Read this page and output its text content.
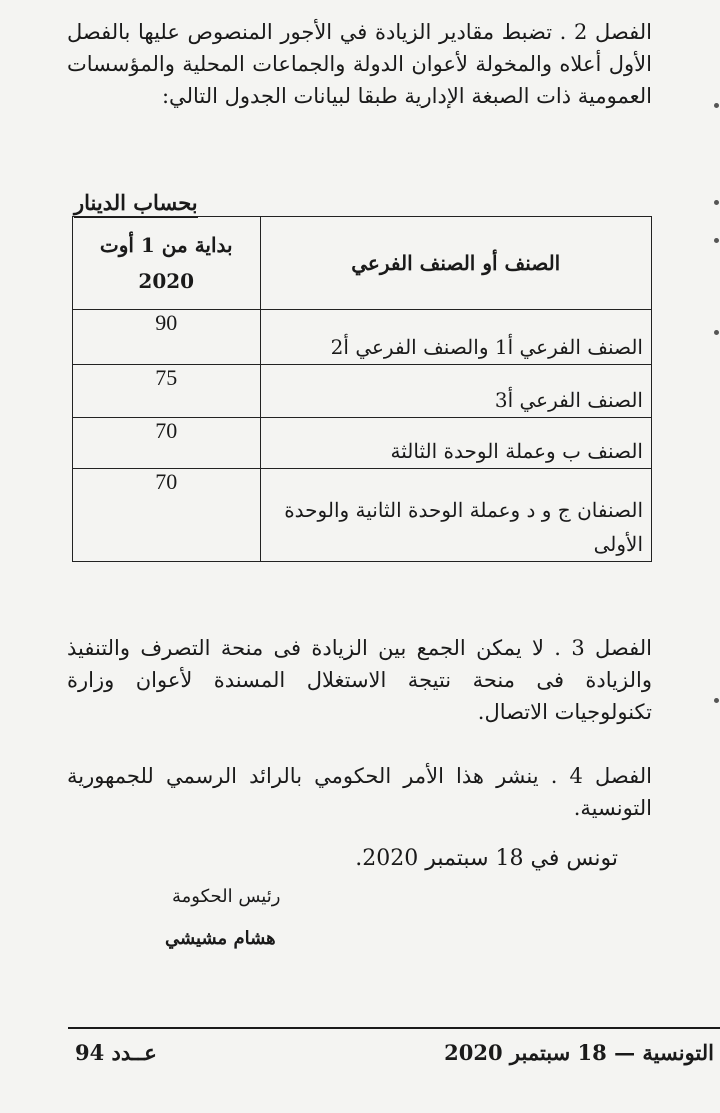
الفصل 2 . تضبط مقادير الزيادة في الأجور المنصوص عليها بالفصل الأول أعلاه والمخولة لأعوان الدولة والجماعات المحلية والمؤسسات العمومية ذات الصبغة الإدارية طبقا لبيانات الجدول التالي:
بحساب الدينار
الصنف أو الصنف الفرعي	بداية من 1 أوت 2020
الصنف الفرعي أ1 والصنف الفرعي أ2	90
الصنف الفرعي أ3	75
الصنف ب وعملة الوحدة الثالثة	70
الصنفان ج و د وعملة الوحدة الثانية والوحدة الأولى	70
الفصل 3 . لا يمكن الجمع بين الزيادة فى منحة التصرف والتنفيذ والزيادة فى منحة نتيجة الاستغلال المسندة لأعوان وزارة تكنولوجيات الاتصال.
الفصل 4 . ينشر هذا الأمر الحكومي بالرائد الرسمي للجمهورية التونسية.
تونس في 18 سبتمبر 2020.
رئيس الحكومة
هشام مشيشي
عــدد 94	التونسية — 18 سبتمبر 2020
